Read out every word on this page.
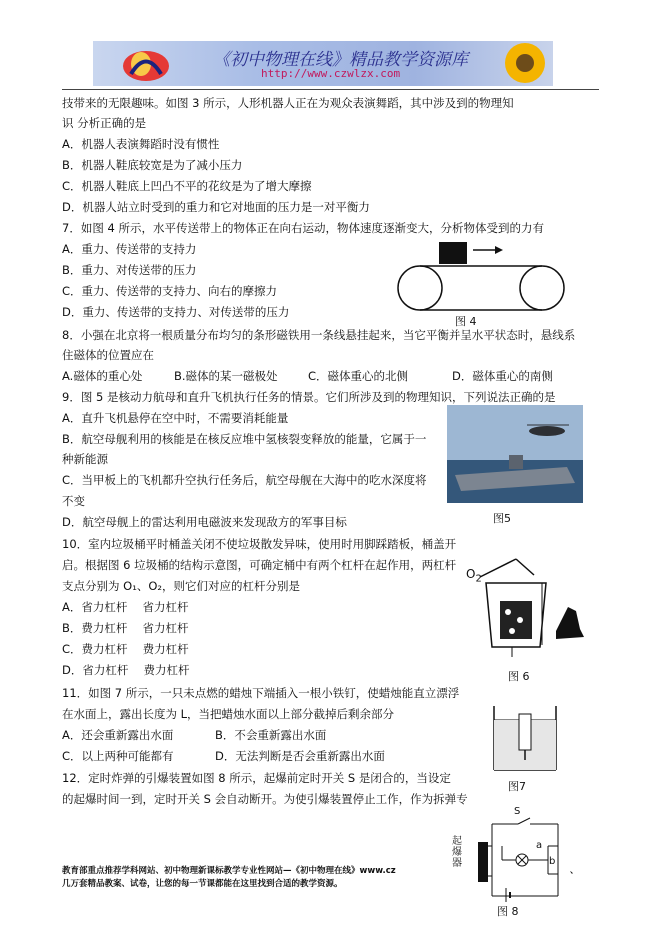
《初中物理在线》精品教学资源库
http://www.czwlzx.com
技带来的无限趣味。如图 3 所示，人形机器人正在为观众表演舞蹈，其中涉及到的物理知
识 分析正确的是
A．机器人表演舞蹈时没有惯性
B．机器人鞋底较宽是为了减小压力
C．机器人鞋底上凹凸不平的花纹是为了增大摩擦
D．机器人站立时受到的重力和它对地面的压力是一对平衡力
7．如图 4 所示，水平传送带上的物体正在向右运动，物体速度逐渐变大，分析物体受到的力有
A．重力、传送带的支持力
B．重力、对传送带的压力
C．重力、传送带的支持力、向右的摩擦力
D．重力、传送带的支持力、对传送带的压力
8．小强在北京将一根质量分布均匀的条形磁铁用一条线悬挂起来，当它平衡并呈水平状态时，悬线系
住磁体的位置应在
A.磁体的重心处	B.磁体的某一磁极处	C．磁体重心的北侧	D．磁体重心的南侧
9．图 5 是核动力航母和直升飞机执行任务的情景。它们所涉及到的物理知识，下列说法正确的是
A．直升飞机悬停在空中时，不需要消耗能量
B．航空母舰利用的核能是在核反应堆中氢核裂变释放的能量，它属于一
种新能源
C．当甲板上的飞机都升空执行任务后，航空母舰在大海中的吃水深度将
不变
D．航空母舰上的雷达利用电磁波来发现敌方的军事目标
10．室内垃圾桶平时桶盖关闭不使垃圾散发异味，使用时用脚踩踏板，桶盖开
启。根据图 6 垃圾桶的结构示意图，可确定桶中有两个杠杆在起作用，两杠杆
支点分别为 O₁、O₂，则它们对应的杠杆分别是
A．省力杠杆　 省力杠杆
B．费力杠杆　 省力杠杆
C．费力杠杆　 费力杠杆
D．省力杠杆　 费力杠杆
11．如图 7 所示，一只未点燃的蜡烛下端插入一根小铁钉，使蜡烛能直立漂浮
在水面上，露出长度为 L，当把蜡烛水面以上部分截掉后剩余部分
A．还会重新露出水面	B．不会重新露出水面
C．以上两种可能都有	D．无法判断是否会重新露出水面
12．定时炸弹的引爆装置如图 8 所示，起爆前定时开关 S 是闭合的，当设定
的起爆时间一到，定时开关 S 会自动断开。为使引爆装置停止工作，作为拆弹专
图 4
图5
$O_2$
图 6
图7
S
起爆器
a
b
图 8
教育部重点推荐学科网站、初中物理新课标教学专业性网站—《初中物理在线》www.cz
几万套精品教案、试卷，让您的每一节课都能在这里找到合适的教学资源。
、
